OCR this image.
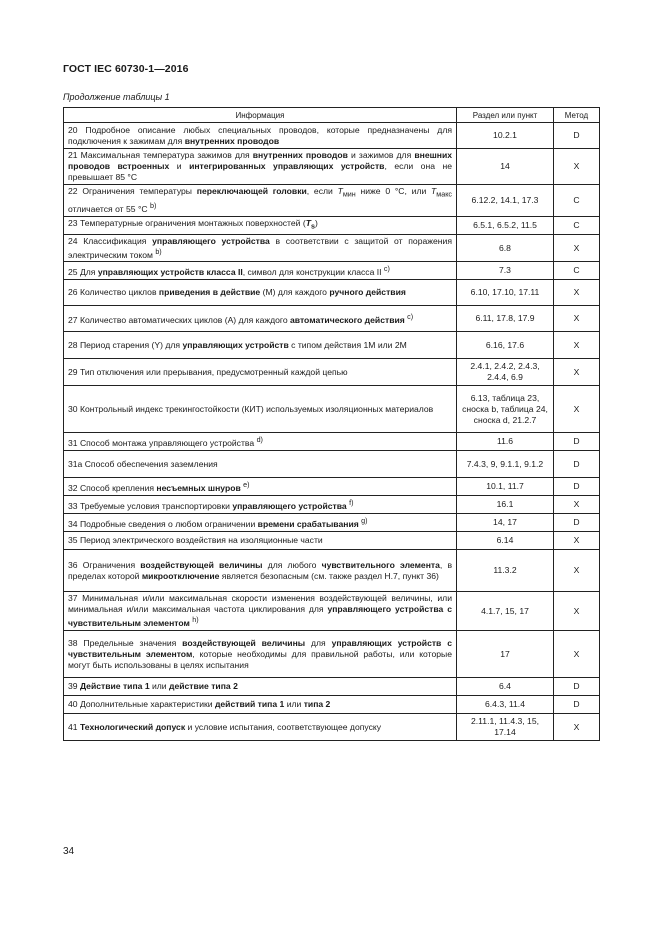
ГОСТ IEC 60730-1—2016
Продолжение таблицы 1
Информация	Раздел или пункт	Метод
20 Подробное описание любых специальных проводов, которые предназначены для подключения к зажимам для внутренних проводов	10.2.1	D
21 Максимальная температура зажимов для внутренних проводов и зажимов для внешних проводов встроенных и интегрированных управляющих устройств, если она не превышает 85 °С	14	X
22 Ограничения температуры переключающей головки, если $T_{мин}$ ниже 0 °С, или $T_{макс}$ отличается от 55 °С $^{b)}$	6.12.2, 14.1, 17.3	C
23 Температурные ограничения монтажных поверхностей $(T_s)$	6.5.1, 6.5.2, 11.5	C
24 Классификация управляющего устройства в соответствии с защитой от поражения электрическим током $^{b)}$	6.8	X
25 Для управляющих устройств класса II, символ для конструкции класса II $^{c)}$	7.3	C
26 Количество циклов приведения в действие (M) для каждого ручного действия	6.10, 17.10, 17.11	X
27 Количество автоматических циклов (A) для каждого автоматического действия $^{c)}$	6.11, 17.8, 17.9	X
28 Период старения (Y) для управляющих устройств с типом действия 1M или 2M	6.16, 17.6	X
29 Тип отключения или прерывания, предусмотренный каждой цепью	2.4.1, 2.4.2, 2.4.3, 2.4.4, 6.9	X
30 Контрольный индекс трекингостойкости (КИТ) используемых изоляционных материалов	6.13, таблица 23, сноска b, таблица 24, сноска d, 21.2.7	X
31 Способ монтажа управляющего устройства $^{d)}$	11.6	D
31a Способ обеспечения заземления	7.4.3, 9, 9.1.1, 9.1.2	D
32 Способ крепления несъемных шнуров $^{e)}$	10.1, 11.7	D
33 Требуемые условия транспортировки управляющего устройства $^{f)}$	16.1	X
34 Подробные сведения о любом ограничении времени срабатывания $^{g)}$	14, 17	D
35 Период электрического воздействия на изоляционные части	6.14	X
36 Ограничения воздействующей величины для любого чувствительного элемента, в пределах которой микроотключение является безопасным (см. также раздел H.7, пункт 36)	11.3.2	X
37 Минимальная и/или максимальная скорости изменения воздействующей величины, или минимальная и/или максимальная частота циклирования для управляющего устройства с чувствительным элементом $^{h)}$	4.1.7, 15, 17	X
38 Предельные значения воздействующей величины для управляющих устройств с чувствительным элементом, которые необходимы для правильной работы, или которые могут быть использованы в целях испытания	17	X
39 Действие типа 1 или действие типа 2	6.4	D
40 Дополнительные характеристики действий типа 1 или типа 2	6.4.3, 11.4	D
41 Технологический допуск и условие испытания, соответствующее допуску	2.11.1, 11.4.3, 15, 17.14	X
34
